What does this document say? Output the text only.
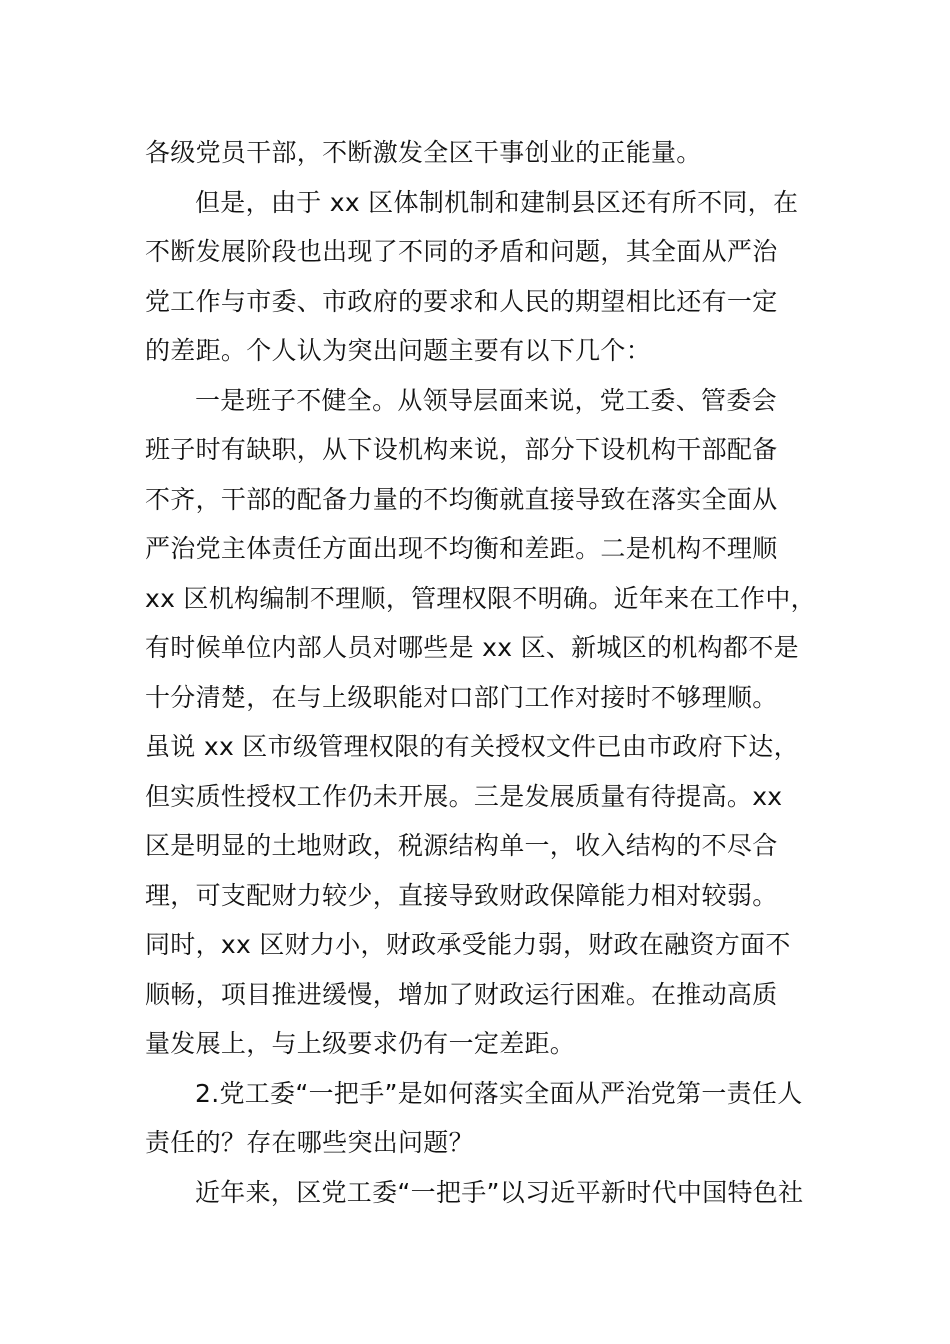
各级党员干部，不断激发全区干事创业的正能量。
但是，由于 xx 区体制机制和建制县区还有所不同，在
不断发展阶段也出现了不同的矛盾和问题，其全面从严治
党工作与市委、市政府的要求和人民的期望相比还有一定
的差距。个人认为突出问题主要有以下几个：
一是班子不健全。从领导层面来说，党工委、管委会
班子时有缺职，从下设机构来说，部分下设机构干部配备
不齐，干部的配备力量的不均衡就直接导致在落实全面从
严治党主体责任方面出现不均衡和差距。二是机构不理顺
xx 区机构编制不理顺，管理权限不明确。近年来在工作中，
有时候单位内部人员对哪些是 xx 区、新城区的机构都不是
十分清楚，在与上级职能对口部门工作对接时不够理顺。
虽说 xx 区市级管理权限的有关授权文件已由市政府下达，
但实质性授权工作仍未开展。三是发展质量有待提高。xx
区是明显的土地财政，税源结构单一，收入结构的不尽合
理，可支配财力较少，直接导致财政保障能力相对较弱。
同时，xx 区财力小，财政承受能力弱，财政在融资方面不
顺畅，项目推进缓慢，增加了财政运行困难。在推动高质
量发展上，与上级要求仍有一定差距。
2.党工委“一把手”是如何落实全面从严治党第一责任人
责任的？存在哪些突出问题？
近年来，区党工委“一把手”以习近平新时代中国特色社
